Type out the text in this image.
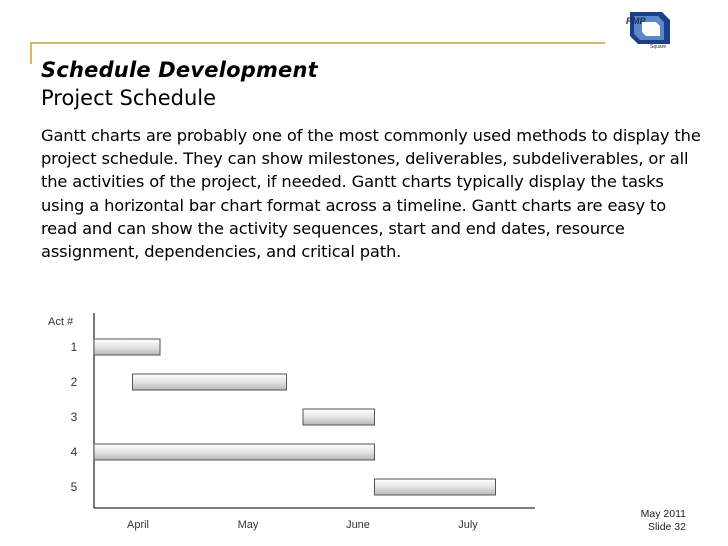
PMP
Square
Schedule Development
Project Schedule
Gantt charts are probably one of the most commonly used methods to display the project schedule. They can show milestones, deliverables, subdeliverables, or all the activities of the project, if needed. Gantt charts typically display the tasks using a horizontal bar chart format across a timeline. Gantt charts are easy to read and can show the activity sequences, start and end dates, resource assignment, dependencies, and critical path.
Act #
1
2
3
4
5
April	May	June	July
May 2011
Slide 32
